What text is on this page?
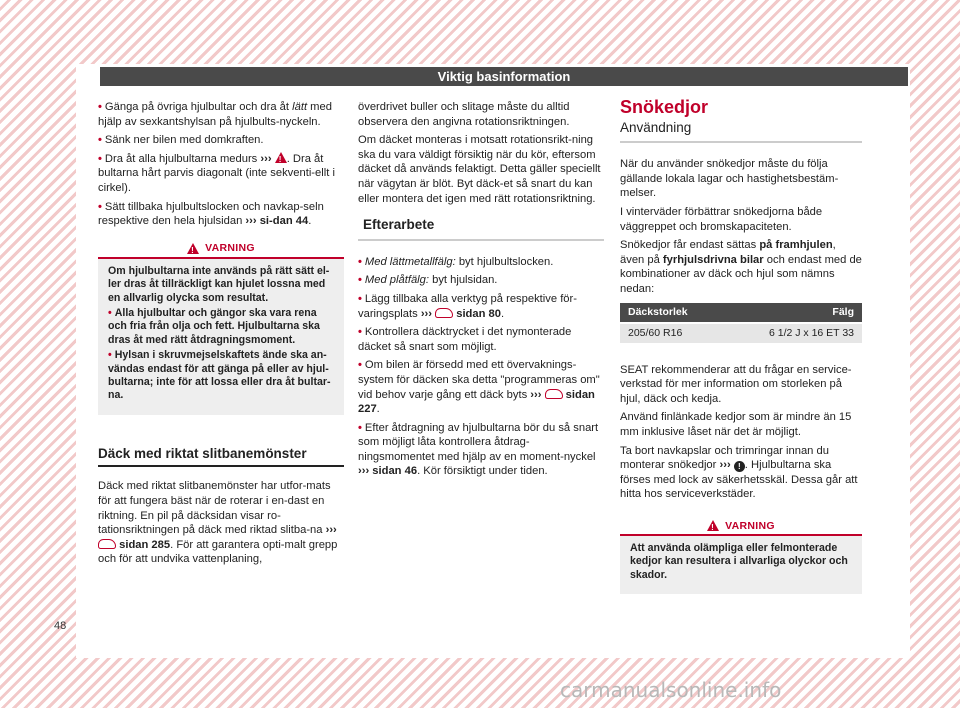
Viktig basinformation

• Gänga på övriga hjulbultar och dra åt lätt med hjälp av sexkantshylsan på hjulbults-nyckeln.

• Sänk ner bilen med domkraften.

• Dra åt alla hjulbultarna medurs ››› ! . Dra åt bultarna hårt parvis diagonalt (inte sekventi-ellt i cirkel).

• Sätt tillbaka hjulbultslocken och navkap-seln respektive den hela hjulsidan ››› si-dan 44.

!
VARNING

Om hjulbultarna inte används på rätt sätt el-ler dras åt tillräckligt kan hjulet lossna med en allvarlig olycka som resultat.

• Alla hjulbultar och gängor ska vara rena och fria från olja och fett. Hjulbultarna ska dras åt med rätt åtdragningsmoment.

• Hylsan i skruvmejselskaftets ände ska an-vändas endast för att gänga på eller av hjul-bultarna; inte för att lossa eller dra åt bultar-na.

Däck med riktat slitbanemönster

Däck med riktat slitbanemönster har utfor-mats för att fungera bäst när de roterar i en-dast en riktning. En pil på däcksidan visar ro-tationsriktningen på däck med riktad slitba-na ›››  sidan 285. För att garantera opti-malt grepp och för att undvika vattenplaning,

överdrivet buller och slitage måste du alltid observera den angivna rotationsriktningen.

Om däcket monteras i motsatt rotationsrikt-ning ska du vara väldigt försiktig när du kör, eftersom däcket då används felaktigt. Detta gäller speciellt när vägytan är blöt. Byt däck-et så snart du kan eller montera det igen med rätt rotationsriktning.

Efterarbete

• Med lättmetallfälg: byt hjulbultslocken.

• Med plåtfälg: byt hjulsidan.

• Lägg tillbaka alla verktyg på respektive för-varingsplats ››› sidan 80.

• Kontrollera däcktrycket i det nymonterade däcket så snart som möjligt.

• Om bilen är försedd med ett övervaknings-system för däcken ska detta "programmeras om" vid behov varje gång ett däck byts ››› sidan 227.

• Efter åtdragning av hjulbultarna bör du så snart som möjligt låta kontrollera åtdrag-ningsmomentet med hjälp av en moment-nyckel ››› sidan 46. Kör försiktigt under tiden.

Snökedjor
Användning

När du använder snökedjor måste du följa gällande lokala lagar och hastighetsbestäm-melser.

I vinterväder förbättrar snökedjorna både väggreppet och bromskapaciteten.

Snökedjor får endast sättas på framhjulen, även på fyrhjulsdrivna bilar och endast med de kombinationer av däck och hjul som nämns nedan:

Däckstorlek	Fälg
205/60 R16	6 1/2 J x 16 ET 33

SEAT rekommenderar att du frågar en service-verkstad för mer information om storleken på hjul, däck och kedja.

Använd finlänkade kedjor som är mindre än 15 mm inklusive låset när det är möjligt.

Ta bort navkapslar och trimringar innan du monterar snökedjor ››› ! . Hjulbultarna ska förses med lock av säkerhetsskäl. Dessa går att hitta hos serviceverkstäder.

!
VARNING

Att använda olämpliga eller felmonterade kedjor kan resultera i allvarliga olyckor och skador.

48
carmanualsonline.info
